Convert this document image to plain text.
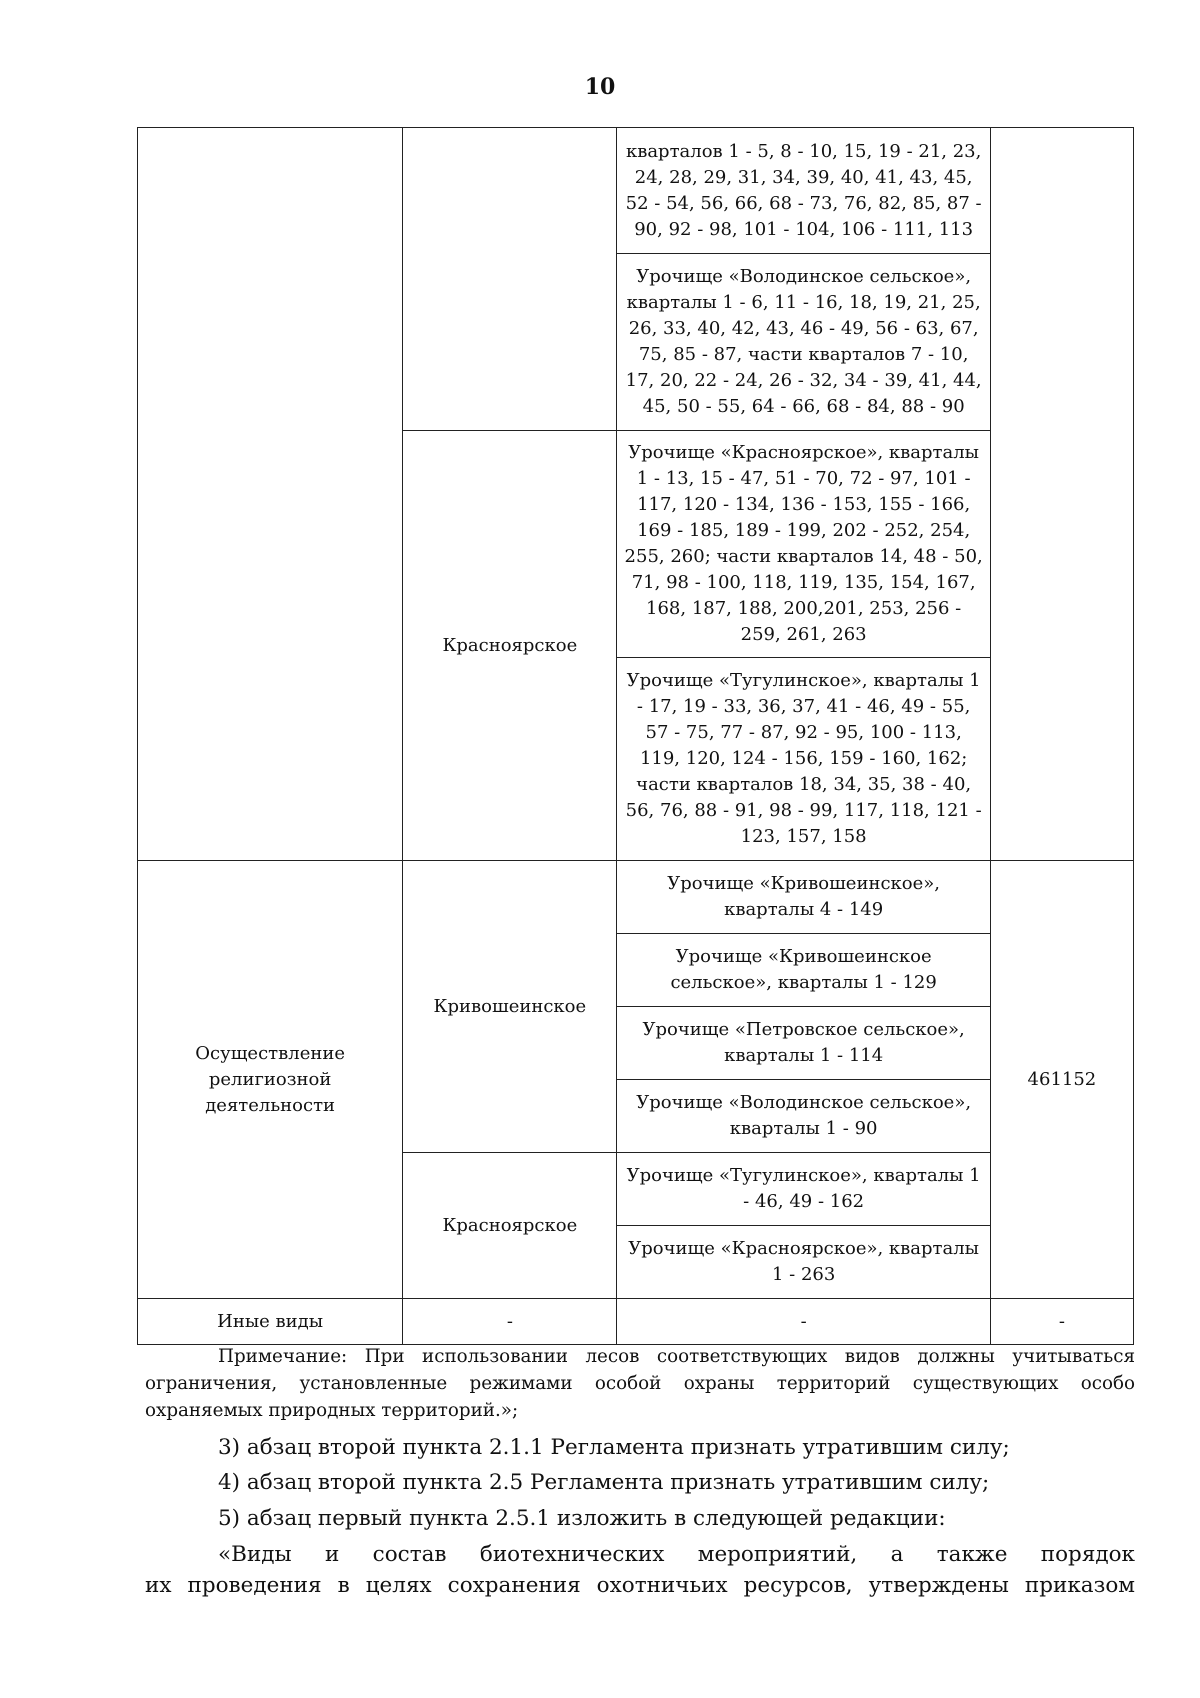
10
		кварталов 1 - 5, 8 - 10, 15, 19 - 21, 23, 24, 28, 29, 31, 34, 39, 40, 41, 43, 45, 52 - 54, 56, 66, 68 - 73, 76, 82, 85, 87 - 90, 92 - 98, 101 - 104, 106 - 111, 113	
		Урочище «Володинское сельское», кварталы 1 - 6, 11 - 16, 18, 19, 21, 25, 26, 33, 40, 42, 43, 46 - 49, 56 - 63, 67, 75, 85 - 87, части кварталов 7 - 10, 17, 20, 22 - 24, 26 - 32, 34 - 39, 41, 44, 45, 50 - 55, 64 - 66, 68 - 84, 88 - 90	
	Красноярское	Урочище «Красноярское», кварталы 1 - 13, 15 - 47, 51 - 70, 72 - 97, 101 - 117, 120 - 134, 136 - 153, 155 - 166, 169 - 185, 189 - 199, 202 - 252, 254, 255, 260; части кварталов 14, 48 - 50, 71, 98 - 100, 118, 119, 135, 154, 167, 168, 187, 188, 200,201, 253, 256 - 259, 261, 263	
		Урочище «Тугулинское», кварталы 1 - 17, 19 - 33, 36, 37, 41 - 46, 49 - 55, 57 - 75, 77 - 87, 92 - 95, 100 - 113, 119, 120, 124 - 156, 159 - 160, 162; части кварталов 18, 34, 35, 38 - 40, 56, 76, 88 - 91, 98 - 99, 117, 118, 121 - 123, 157, 158	
Осуществление религиозной деятельности	Кривошеинское	Урочище «Кривошеинское», кварталы 4 - 149	461152
		Урочище «Кривошеинское сельское», кварталы 1 - 129	
		Урочище «Петровское сельское», кварталы 1 - 114	
		Урочище «Володинское сельское», кварталы 1 - 90	
	Красноярское	Урочище «Тугулинское», кварталы 1 - 46, 49 - 162	
		Урочище «Красноярское», кварталы 1 - 263	
Иные виды	-	-	-

Примечание: При использовании лесов соответствующих видов должны учитываться ограничения, установленные режимами особой охраны территорий существующих особо охраняемых природных территорий.»;

3) абзац второй пункта 2.1.1 Регламента признать утратившим силу;

4) абзац второй пункта 2.5 Регламента признать утратившим силу;

5) абзац первый пункта 2.5.1 изложить в следующей редакции:

«Виды и состав биотехнических мероприятий, а также порядок
их проведения в целях сохранения охотничьих ресурсов, утверждены приказом
